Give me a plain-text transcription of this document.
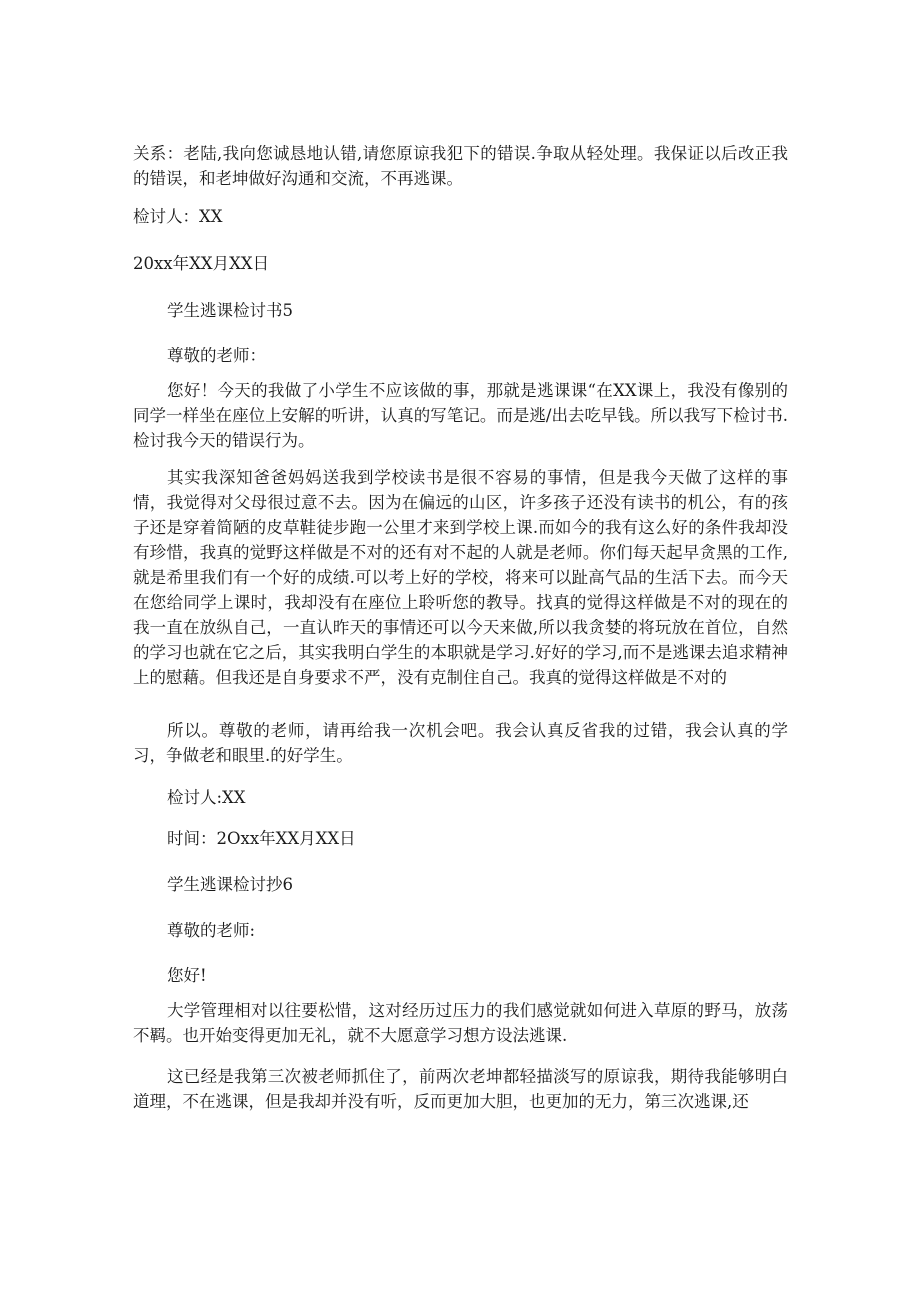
关系：老陆,我向您诚恳地认错,请您原谅我犯下的错误.争取从轻处理。我保证以后改正我的错误，和老坤做好沟通和交流，不再逃课。

检讨人：XX

20xx年XX月XX日

学生逃课检讨书5

尊敬的老师：

您好！今天的我做了小学生不应该做的事，那就是逃课课“在XX课上，我没有像别的同学一样坐在座位上安解的听讲，认真的写笔记。而是逃/出去吃早钱。所以我写下检讨书.检讨我今天的错误行为。

其实我深知爸爸妈妈送我到学校读书是很不容易的事情，但是我今天做了这样的事情，我觉得对父母很过意不去。因为在偏远的山区，许多孩子还没有读书的机公，有的孩子还是穿着简陋的皮草鞋徒步跑一公里才来到学校上课.而如今的我有这么好的条件我却没有珍惜，我真的觉野这样做是不对的还有对不起的人就是老师。你们每天起早贪黑的工作,就是希里我们有一个好的成绩.可以考上好的学校，将来可以趾高气品的生活下去。而今天在您给同学上课时，我却没有在座位上聆听您的教导。找真的觉得这样做是不对的现在的我一直在放纵自己，一直认昨天的事情还可以今天来做,所以我贪婪的将玩放在首位，自然的学习也就在它之后，其实我明白学生的本职就是学习.好好的学习,而不是逃课去追求精神上的慰藉。但我还是自身要求不严，没有克制住自己。我真的觉得这样做是不对的

所以。尊敬的老师，请再给我一次机会吧。我会认真反省我的过错，我会认真的学习，争做老和眼里.的好学生。

检讨人:XX

时间：2Oxx年XX月XX日

学生逃课检讨抄6

尊敬的老师:

您好!

大学管理相对以往要松惜，这对经历过压力的我们感觉就如何进入草原的野马，放荡不羁。也开始变得更加无礼，就不大愿意学习想方设法逃课.

这已经是我第三次被老师抓住了，前两次老坤都轻描淡写的原谅我，期待我能够明白道理，不在逃课，但是我却并没有听，反而更加大胆，也更加的无力，第三次逃课,还
